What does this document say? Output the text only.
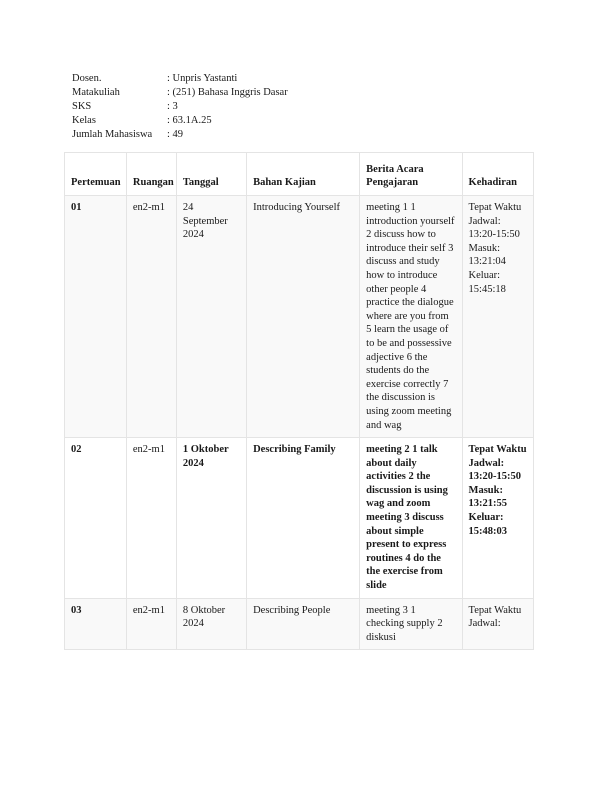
Dosen.	: Unpris Yastanti
Matakuliah	: (251) Bahasa Inggris Dasar
SKS	: 3
Kelas	: 63.1A.25
Jumlah Mahasiswa	: 49
Pertemuan	Ruangan	Tanggal	Bahan Kajian	Berita Acara Pengajaran	Kehadiran
01	en2-m1	24 September 2024	Introducing Yourself	meeting 1 1 introduction yourself 2 discuss how to introduce their self 3 discuss and study how to introduce other people 4 practice the dialogue where are you from 5 learn the usage of to be and possessive adjective 6 the students do the exercise correctly 7 the discussion is using zoom meeting and wag	Tepat Waktu Jadwal: 13:20-15:50 Masuk: 13:21:04 Keluar: 15:45:18
02	en2-m1	1 Oktober 2024	Describing Family	meeting 2 1 talk about daily activities 2 the discussion is using wag and zoom meeting 3 discuss about simple present to express routines 4 do the the exercise from slide	Tepat Waktu Jadwal: 13:20-15:50 Masuk: 13:21:55 Keluar: 15:48:03
03	en2-m1	8 Oktober 2024	Describing People	meeting 3 1 checking supply 2 diskusi	Tepat Waktu Jadwal:
